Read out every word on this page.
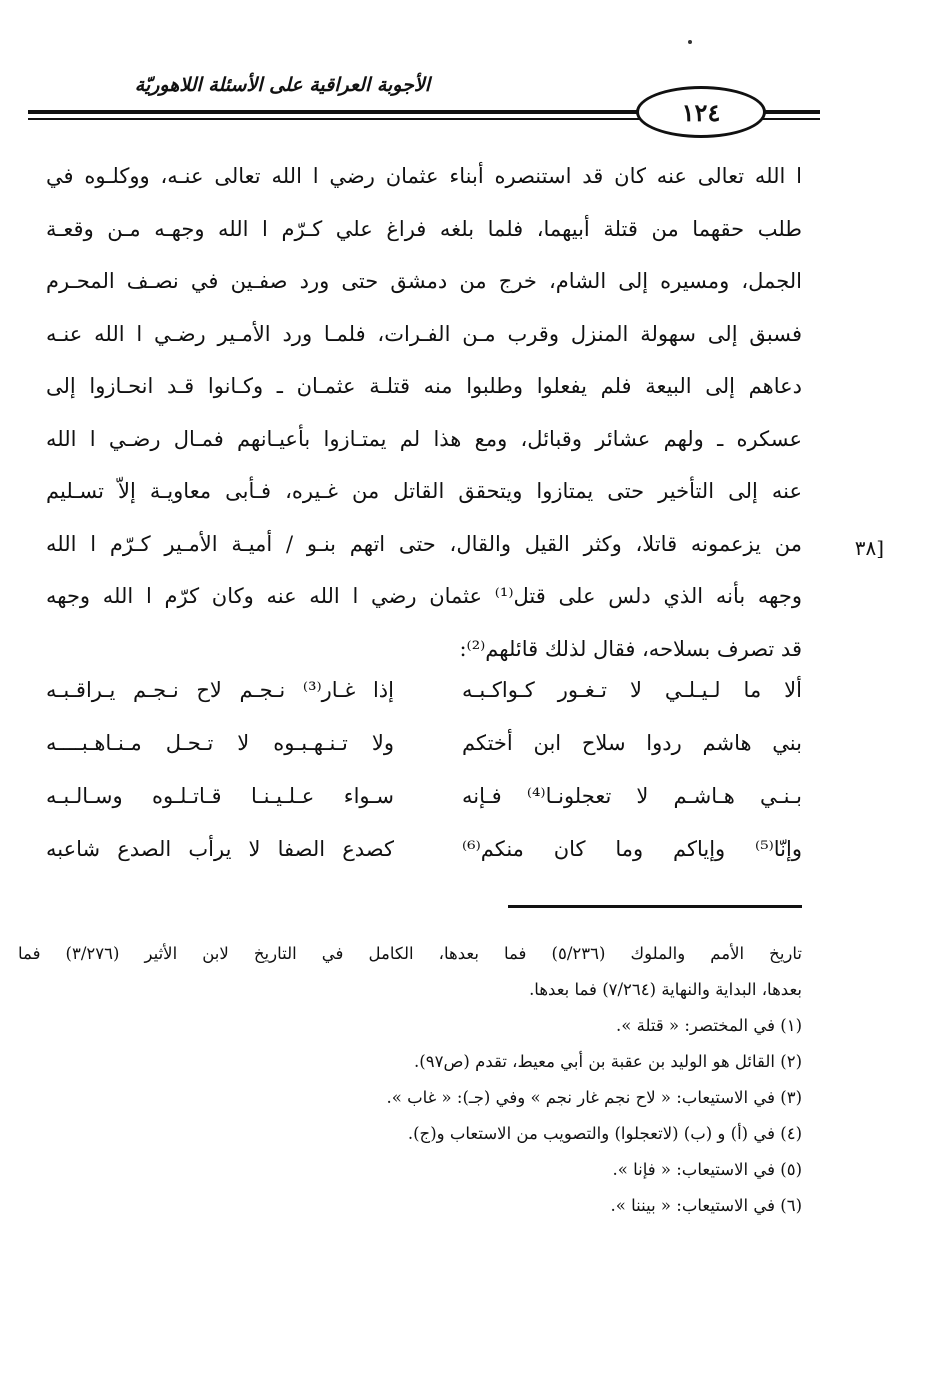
الأجوبة العراقية على الأسئلة اللاهوريّة
١٢٤
ا الله تعالى عنه كان قد استنصره أبناء عثمان رضي ا الله تعالى عنـه، ووكلـوه في
طلب حقهما من قتلة أبيهما، فلما بلغه فراغ علي كـرّم ا الله وجهـه مـن وقعـة
الجمل، ومسيره إلى الشام، خرج من دمشق حتى ورد صفـين في نصـف المحـرم
فسبق إلى سهولة المنزل وقرب مـن الفـرات، فلمـا ورد الأمـير رضـي ا الله عنـه
دعاهم إلى البيعة فلم يفعلوا وطلبوا منه قتلـة عثمـان ـ وكـانوا قـد انحـازوا إلى
عسكره ـ ولهم عشائر وقبائل، ومع هذا لم يمتـازوا بأعيـانهم فمـال رضـي ا الله
عنه إلى التأخير حتى يمتازوا ويتحقق القاتل من غـيره، فـأبى معاويـة إلاّ تسـليم
من يزعمونه قاتلا، وكثر القيل والقال، حتى اتهم بنـو / أميـة الأمـير كـرّم ا الله
وجهه بأنه الذي دلس على قتل⁽¹⁾ عثمان رضي ا الله عنه وكان كرّم ا الله وجهه
قد تصرف بسلاحه، فقال لذلك قائلهم⁽²⁾:
[٣٨
ألا ما لـيـلـي لا تـغـور كـواكـبـه
إذا غـار⁽³⁾ نـجـم لاح نـجـم يـراقـبـه
بني هاشم ردوا سلاح ابن أختكم
ولا تـنـهـبـوه لا تـحـل مـنـاهـبــــه
بـنـي هـاشـم لا تعجلونـا⁽⁴⁾ فـإنه
سـواء عـلـيـنـا قـاتـلـوه وسـالـبـه
وإنّا⁽⁵⁾ وإياكم وما كان منكم⁽⁶⁾
كصدع الصفا لا يرأب الصدع شاعبه
تاريخ الأمم والملوك (٥/٢٣٦) فما بعدها، الكامل في التاريخ لابن الأثير (٣/٢٧٦) فما
بعدها، البداية والنهاية (٧/٢٦٤) فما بعدها.
(١) في المختصر: « قتلة ».
(٢) القائل هو الوليد بن عقبة بن أبي معيط، تقدم (ص٩٧).
(٣) في الاستيعاب: « لاح نجم غار نجم » وفي (جـ): « غاب ».
(٤) في (أ) و (ب) (لاتعجلوا) والتصويب من الاستعاب و(ج).
(٥) في الاستيعاب: « فإنا ».
(٦) في الاستيعاب: « بيننا ».
